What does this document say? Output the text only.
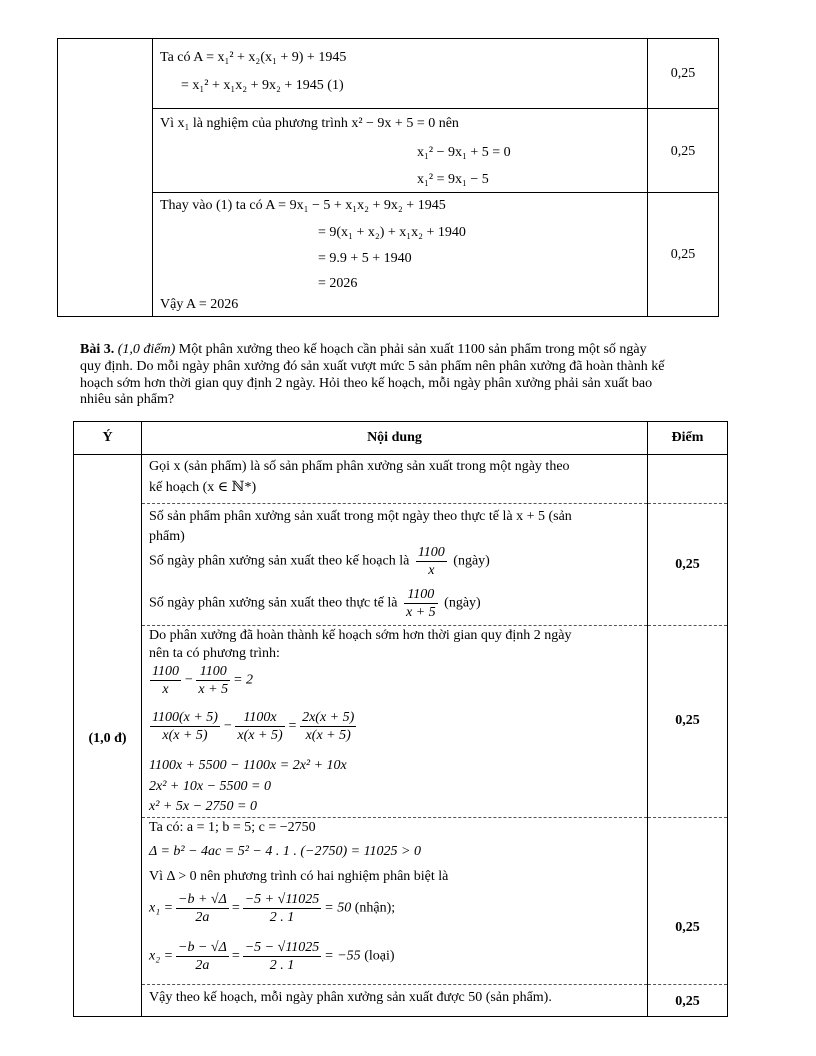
Ta có A = x₁² + x₂(x₁ + 9) + 1945
= x₁² + x₁x₂ + 9x₂ + 1945 (1)
0,25
Vì x₁ là nghiệm của phương trình x² − 9x + 5 = 0 nên
x₁² − 9x₁ + 5 = 0
x₁² = 9x₁ − 5
0,25
Thay vào (1) ta có A = 9x₁ − 5 + x₁x₂ + 9x₂ + 1945
= 9(x₁ + x₂) + x₁x₂ + 1940
= 9.9 + 5 + 1940
= 2026
Vậy A = 2026
0,25
Bài 3. (1,0 điểm) Một phân xưởng theo kế hoạch cần phải sản xuất 1100 sản phẩm trong một số ngày
quy định. Do mỗi ngày phân xưởng đó sản xuất vượt mức 5 sản phẩm nên phân xưởng đã hoàn thành kế
hoạch sớm hơn thời gian quy định 2 ngày. Hỏi theo kế hoạch, mỗi ngày phân xưởng phải sản xuất bao
nhiêu sản phẩm?
Ý	Nội dung	Điểm
(1,0 đ)
Gọi x (sản phẩm) là số sản phẩm phân xưởng sản xuất trong một ngày theo
kế hoạch (x ∈ ℕ*)
Số sản phẩm phân xưởng sản xuất trong một ngày theo thực tế là x + 5 (sản
phẩm)
Số ngày phân xưởng sản xuất theo kế hoạch là $\frac{1100}{x}$ (ngày)
Số ngày phân xưởng sản xuất theo thực tế là $\frac{1100}{x + 5}$ (ngày)
Do phân xưởng đã hoàn thành kế hoạch sớm hơn thời gian quy định 2 ngày
nên ta có phương trình:
$\frac{1100}{x} - \frac{1100}{x + 5} = 2$
$\frac{1100(x + 5)}{x(x + 5)} - \frac{1100x}{x(x + 5)} = \frac{2x(x + 5)}{x(x + 5)}$
1100x + 5500 − 1100x = 2x² + 10x
2x² + 10x − 5500 = 0
x² + 5x − 2750 = 0
Ta có: a = 1; b = 5; c = −2750
Δ = b² − 4ac = 5² − 4 . 1 . (−2750) = 11025 > 0
Vì Δ > 0 nên phương trình có hai nghiệm phân biệt là
$x_1 = \frac{-b + √\Delta}{2a} = \frac{-5 + √11025}{2 . 1} = 50$ (nhận);
$x_2 = \frac{-b - √\Delta}{2a} = \frac{-5 - √11025}{2 . 1} = -55$ (loại)
Vậy theo kế hoạch, mỗi ngày phân xưởng sản xuất được 50 (sản phẩm).
0,25
0,25
0,25
0,25
